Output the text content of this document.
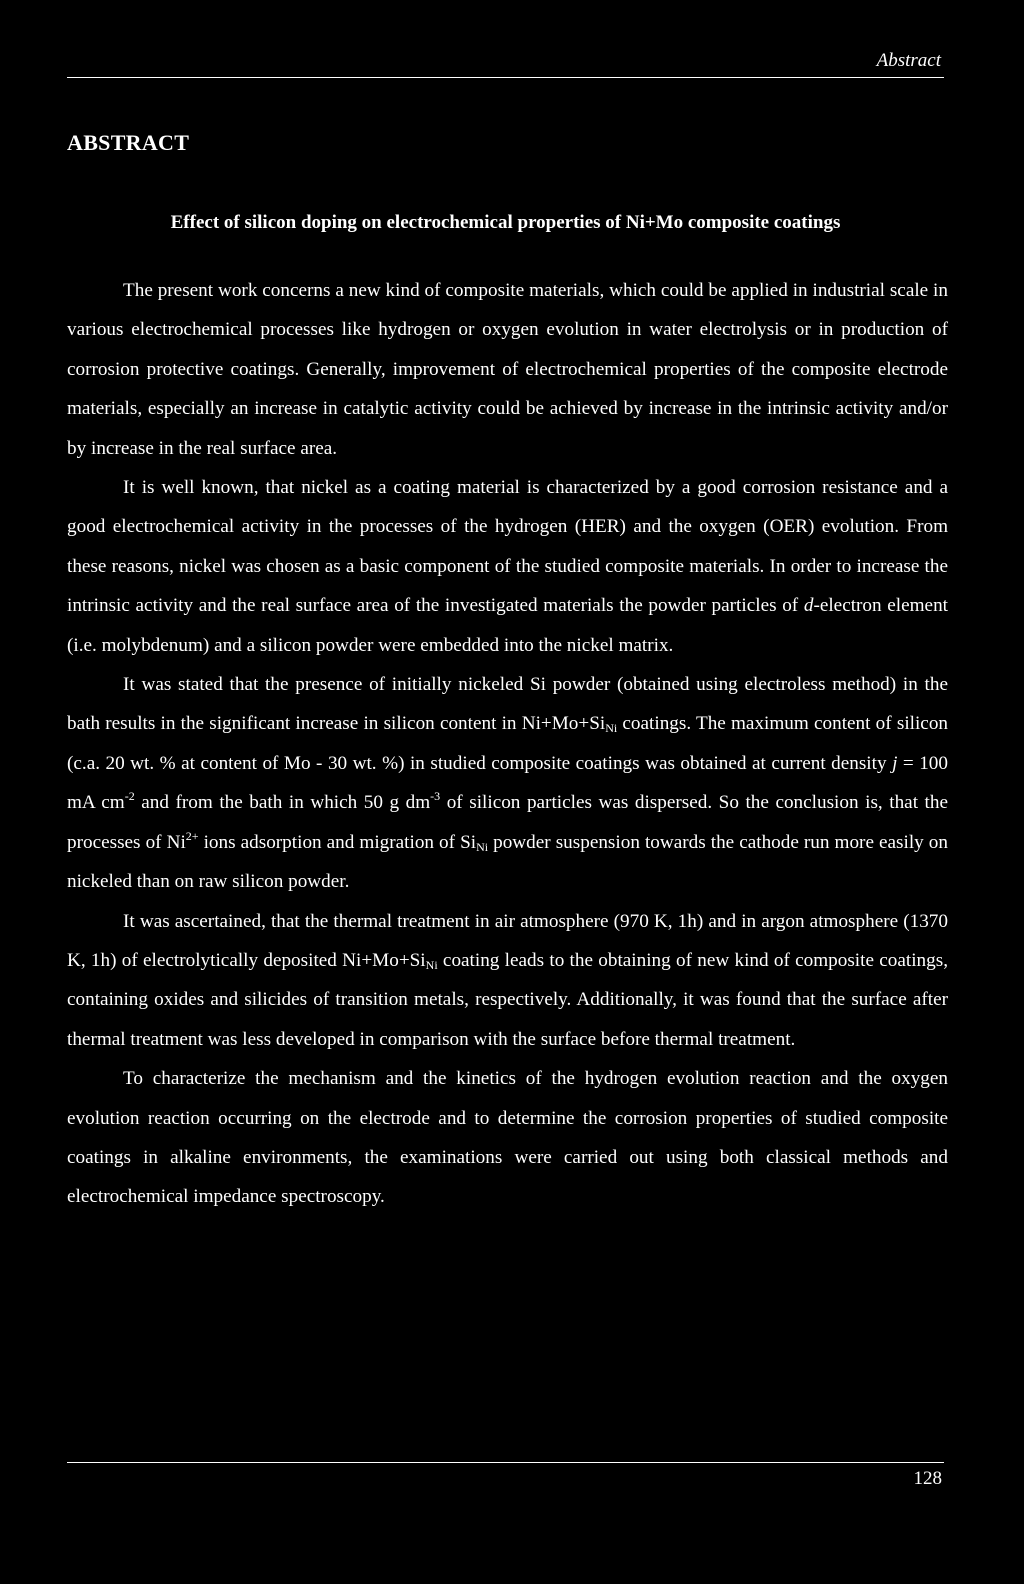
Abstract
ABSTRACT
Effect of silicon doping on electrochemical properties of Ni+Mo composite coatings

The present work concerns a new kind of composite materials, which could be applied in industrial scale in various electrochemical processes like hydrogen or oxygen evolution in water electrolysis or in production of corrosion protective coatings. Generally, improvement of electrochemical properties of the composite electrode materials, especially an increase in catalytic activity could be achieved by increase in the intrinsic activity and/or by increase in the real surface area.

It is well known, that nickel as a coating material is characterized by a good corrosion resistance and a good electrochemical activity in the processes of the hydrogen (HER) and the oxygen (OER) evolution. From these reasons, nickel was chosen as a basic component of the studied composite materials. In order to increase the intrinsic activity and the real surface area of the investigated materials the powder particles of d-electron element (i.e. molybdenum) and a silicon powder were embedded into the nickel matrix.

It was stated that the presence of initially nickeled Si powder (obtained using electroless method) in the bath results in the significant increase in silicon content in $Ni+Mo+Si_{Ni}$ coatings. The maximum content of silicon (c.a. 20 wt. % at content of Mo - 30 wt. %) in studied composite coatings was obtained at current density j = 100 mA $cm^{-2}$ and from the bath in which 50 g $dm^{-3}$ of silicon particles was dispersed. So the conclusion is, that the processes of $Ni^{2+}$ ions adsorption and migration of $Si_{Ni}$ powder suspension towards the cathode run more easily on nickeled than on raw silicon powder.

It was ascertained, that the thermal treatment in air atmosphere (970 K, 1h) and in argon atmosphere (1370 K, 1h) of electrolytically deposited $Ni+Mo+Si_{Ni}$ coating leads to the obtaining of new kind of composite coatings, containing oxides and silicides of transition metals, respectively. Additionally, it was found that the surface after thermal treatment was less developed in comparison with the surface before thermal treatment.

To characterize the mechanism and the kinetics of the hydrogen evolution reaction and the oxygen evolution reaction occurring on the electrode and to determine the corrosion properties of studied composite coatings in alkaline environments, the examinations were carried out using both classical methods and electrochemical impedance spectroscopy.

128
